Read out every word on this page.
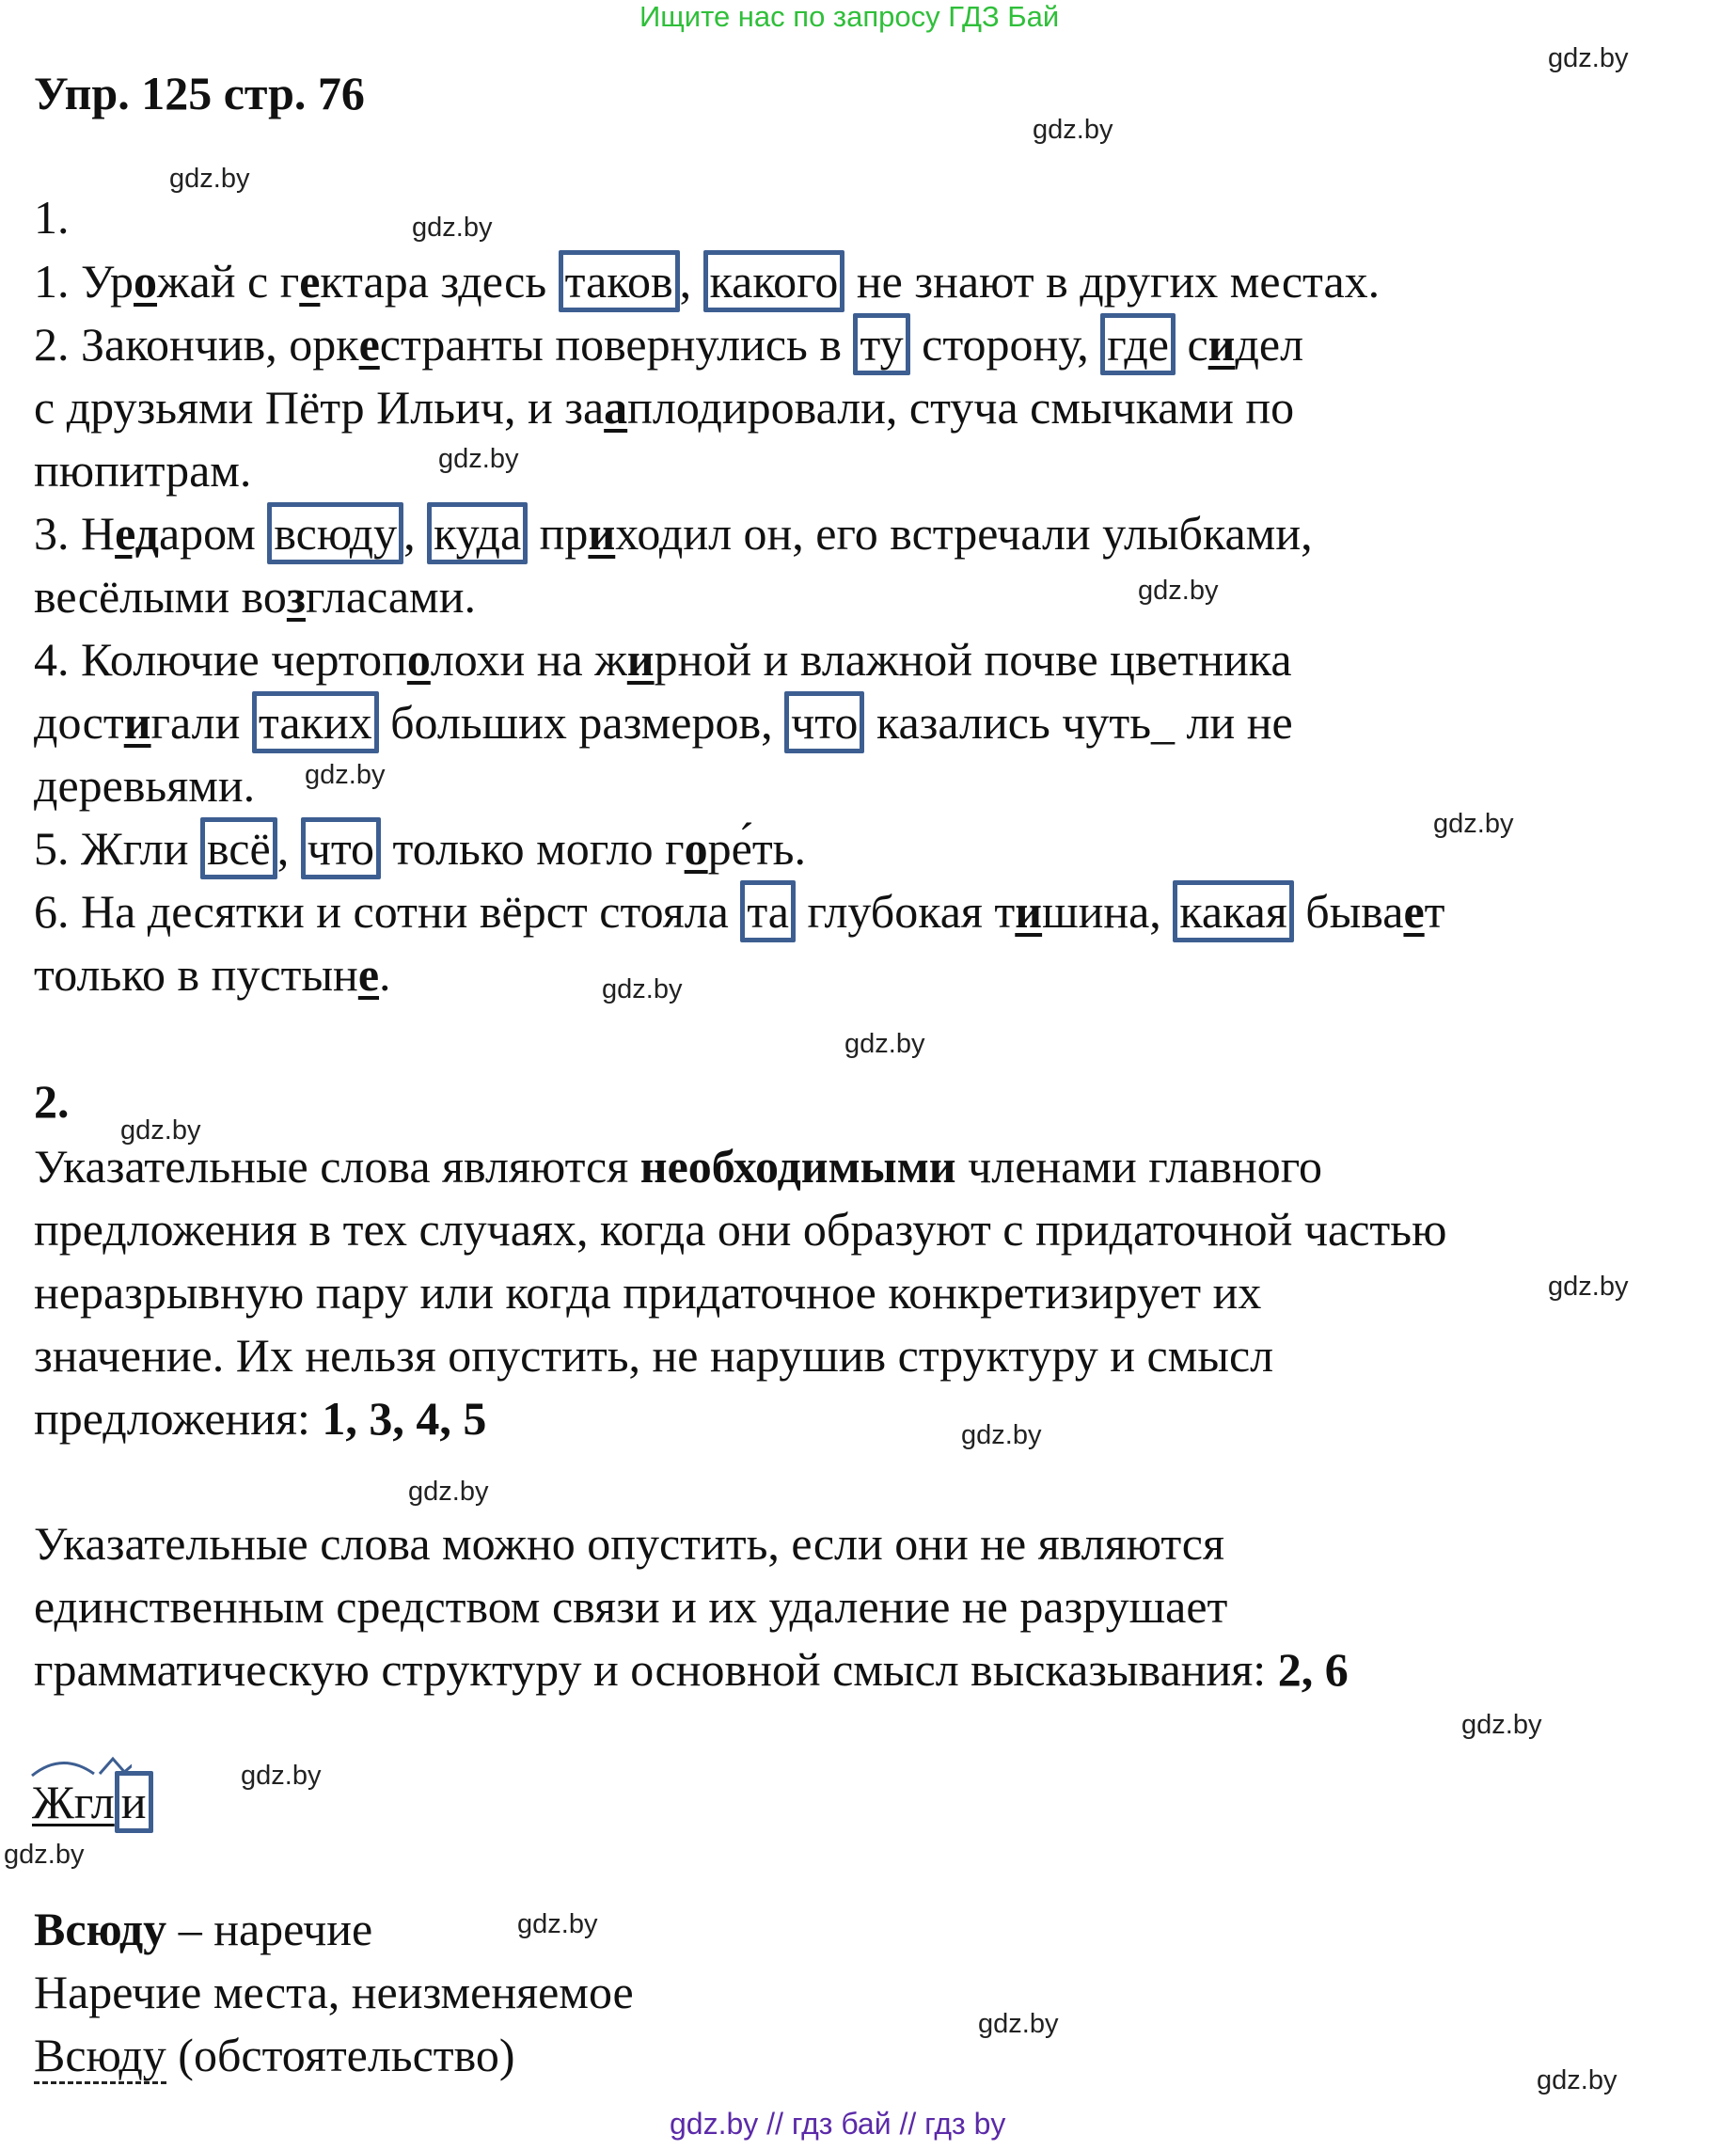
Ищите нас по запросу ГДЗ Бай
gdz.by
gdz.by
gdz.by
gdz.by
gdz.by
gdz.by
gdz.by
gdz.by
gdz.by
gdz.by
gdz.by
gdz.by
gdz.by
gdz.by
gdz.by
gdz.by
gdz.by
gdz.by
gdz.by
gdz.by
Упр. 125 стр. 76
1.
1. Урожай с гектара здесь таков , какого не знают в других местах.
2. Закончив, оркестранты повернулись в ту сторону, где сидел
с друзьями Пётр Ильич, и зааплодировали, стуча смычками по
пюпитрам.
3. Недаром всюду , куда приходил он, его встречали улыбками,
весёлыми возгласами.
4. Колючие чертополохи на жирной и влажной почве цветника
достигали таких больших размеров, что казались чуть_ ли не
деревьями.
5. Жгли всё , что только могло горе́ть.
6. На десятки и сотни вёрст стояла та глубокая тишина, какая бывает
только в пустыне.
2.
Указательные слова являются необходимыми членами главного
предложения в тех случаях, когда они образуют с придаточной частью
неразрывную пару или когда придаточное конкретизирует их
значение. Их нельзя опустить, не нарушив структуру и смысл
предложения: 1, 3, 4, 5
Указательные слова можно опустить, если они не являются
единственным средством связи и их удаление не разрушает
грамматическую структуру и основной смысл высказывания: 2, 6
Жгл и
Всюду – наречие
Наречие места, неизменяемое
Всюду (обстоятельство)
gdz.by // гдз бай // гдз by
